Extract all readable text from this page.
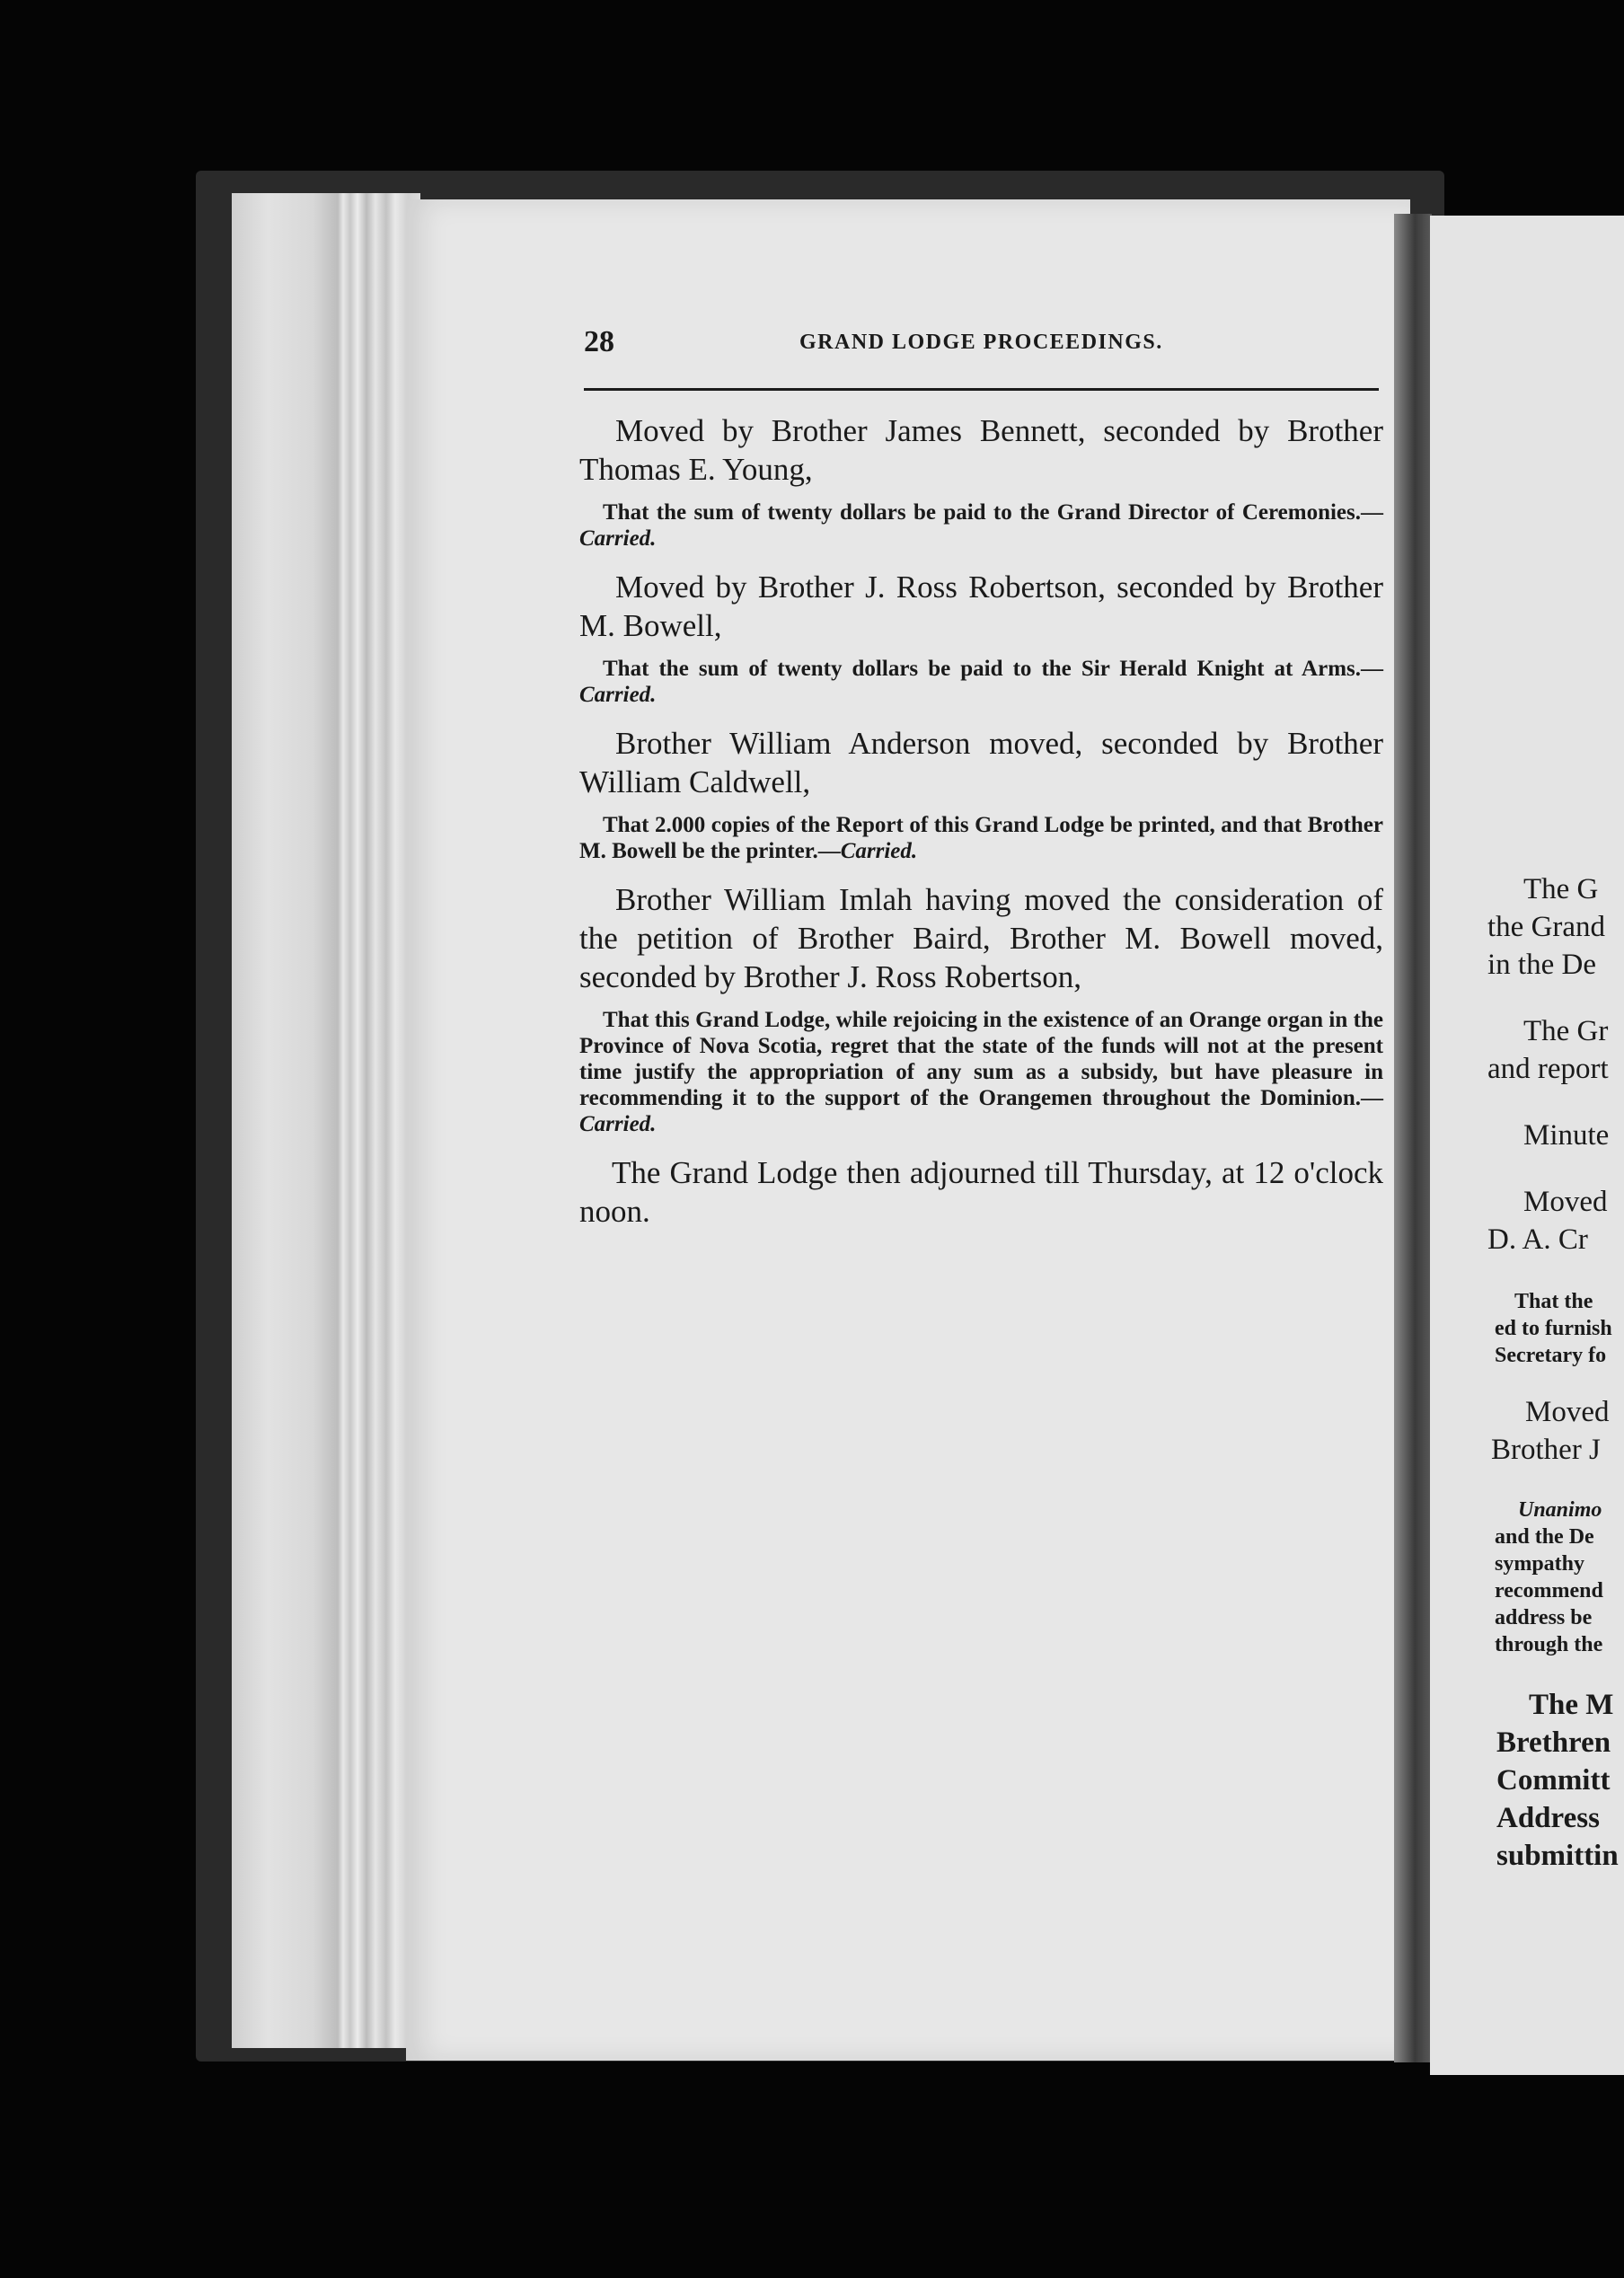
28	GRAND LODGE PROCEEDINGS.

Moved by Brother James Bennett, seconded by Brother Thomas E. Young,

That the sum of twenty dollars be paid to the Grand Director of Ceremonies.—Carried.

Moved by Brother J. Ross Robertson, seconded by Brother M. Bowell,

That the sum of twenty dollars be paid to the Sir Herald Knight at Arms.—Carried.

Brother William Anderson moved, seconded by Brother William Caldwell,

That 2.000 copies of the Report of this Grand Lodge be printed, and that Brother M. Bowell be the printer.—Carried.

Brother William Imlah having moved the consideration of the petition of Brother Baird, Brother M. Bowell moved, seconded by Brother J. Ross Robertson,

That this Grand Lodge, while rejoicing in the existence of an Orange organ in the Province of Nova Scotia, regret that the state of the funds will not at the present time justify the appropriation of any sum as a subsidy, but have pleasure in recommending it to the support of the Orangemen throughout the Dominion.—Carried.

The Grand Lodge then adjourned till Thursday, at 12 o'clock noon.

The G
the Grand
in the De
The Gr
and report
Minute
Moved
D. A. Cr
That the
ed to furnish
Secretary fo
Moved
Brother J
Unanimo
and the De
sympathy
recommend
address be
through the
The M
Brethren
Committ
Address
submittin
